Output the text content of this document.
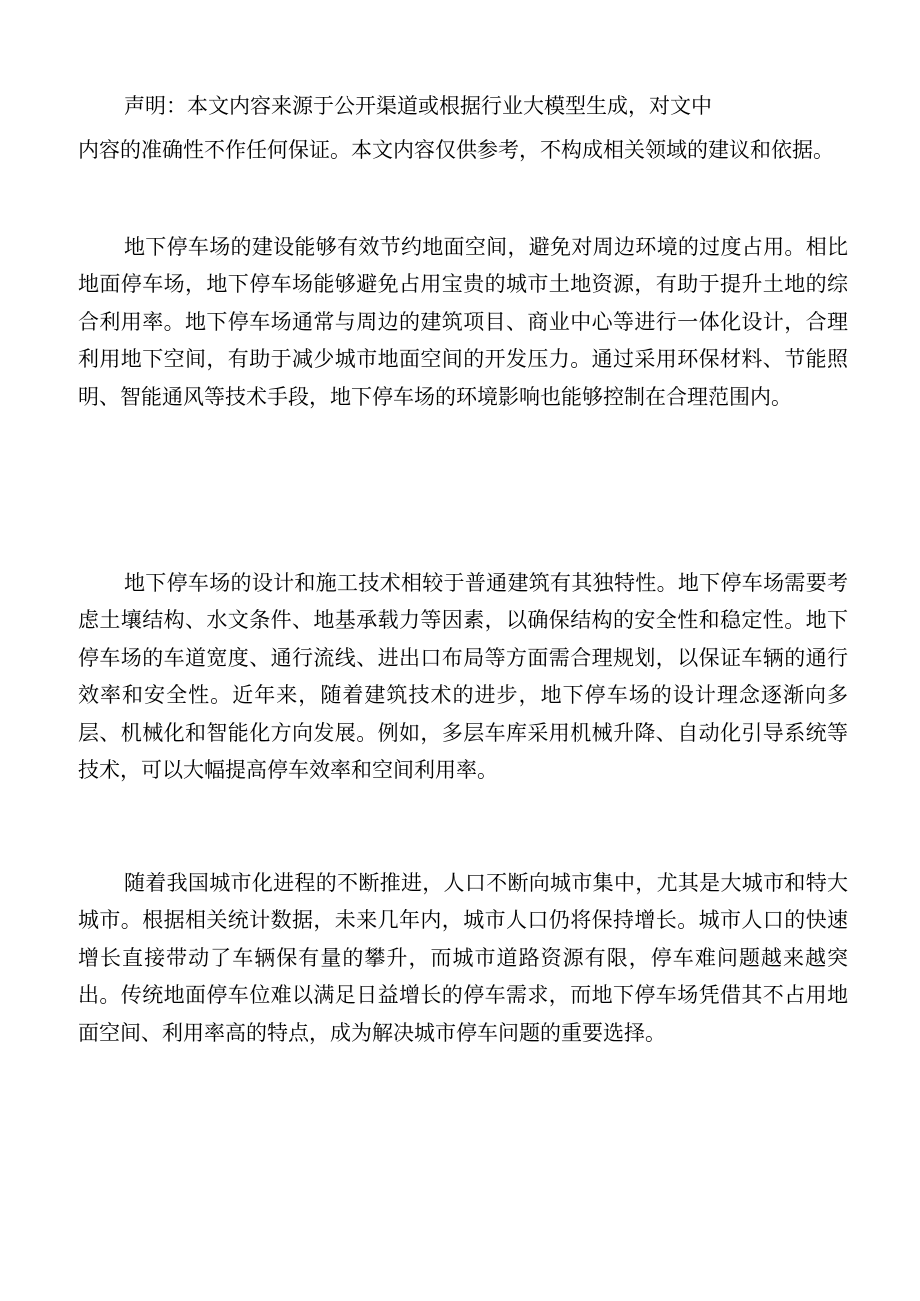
声明：本文内容来源于公开渠道或根据行业大模型生成，对文中
内容的准确性不作任何保证。本文内容仅供参考，不构成相关领域的建议和依据。

地下停车场的建设能够有效节约地面空间，避免对周边环境的过度占用。相比地面停车场，地下停车场能够避免占用宝贵的城市土地资源，有助于提升土地的综合利用率。地下停车场通常与周边的建筑项目、商业中心等进行一体化设计，合理利用地下空间，有助于减少城市地面空间的开发压力。通过采用环保材料、节能照明、智能通风等技术手段，地下停车场的环境影响也能够控制在合理范围内。

地下停车场的设计和施工技术相较于普通建筑有其独特性。地下停车场需要考虑土壤结构、水文条件、地基承载力等因素，以确保结构的安全性和稳定性。地下停车场的车道宽度、通行流线、进出口布局等方面需合理规划，以保证车辆的通行效率和安全性。近年来，随着建筑技术的进步，地下停车场的设计理念逐渐向多层、机械化和智能化方向发展。例如，多层车库采用机械升降、自动化引导系统等技术，可以大幅提高停车效率和空间利用率。

随着我国城市化进程的不断推进，人口不断向城市集中，尤其是大城市和特大城市。根据相关统计数据，未来几年内，城市人口仍将保持增长。城市人口的快速增长直接带动了车辆保有量的攀升，而城市道路资源有限，停车难问题越来越突出。传统地面停车位难以满足日益增长的停车需求，而地下停车场凭借其不占用地面空间、利用率高的特点，成为解决城市停车问题的重要选择。
